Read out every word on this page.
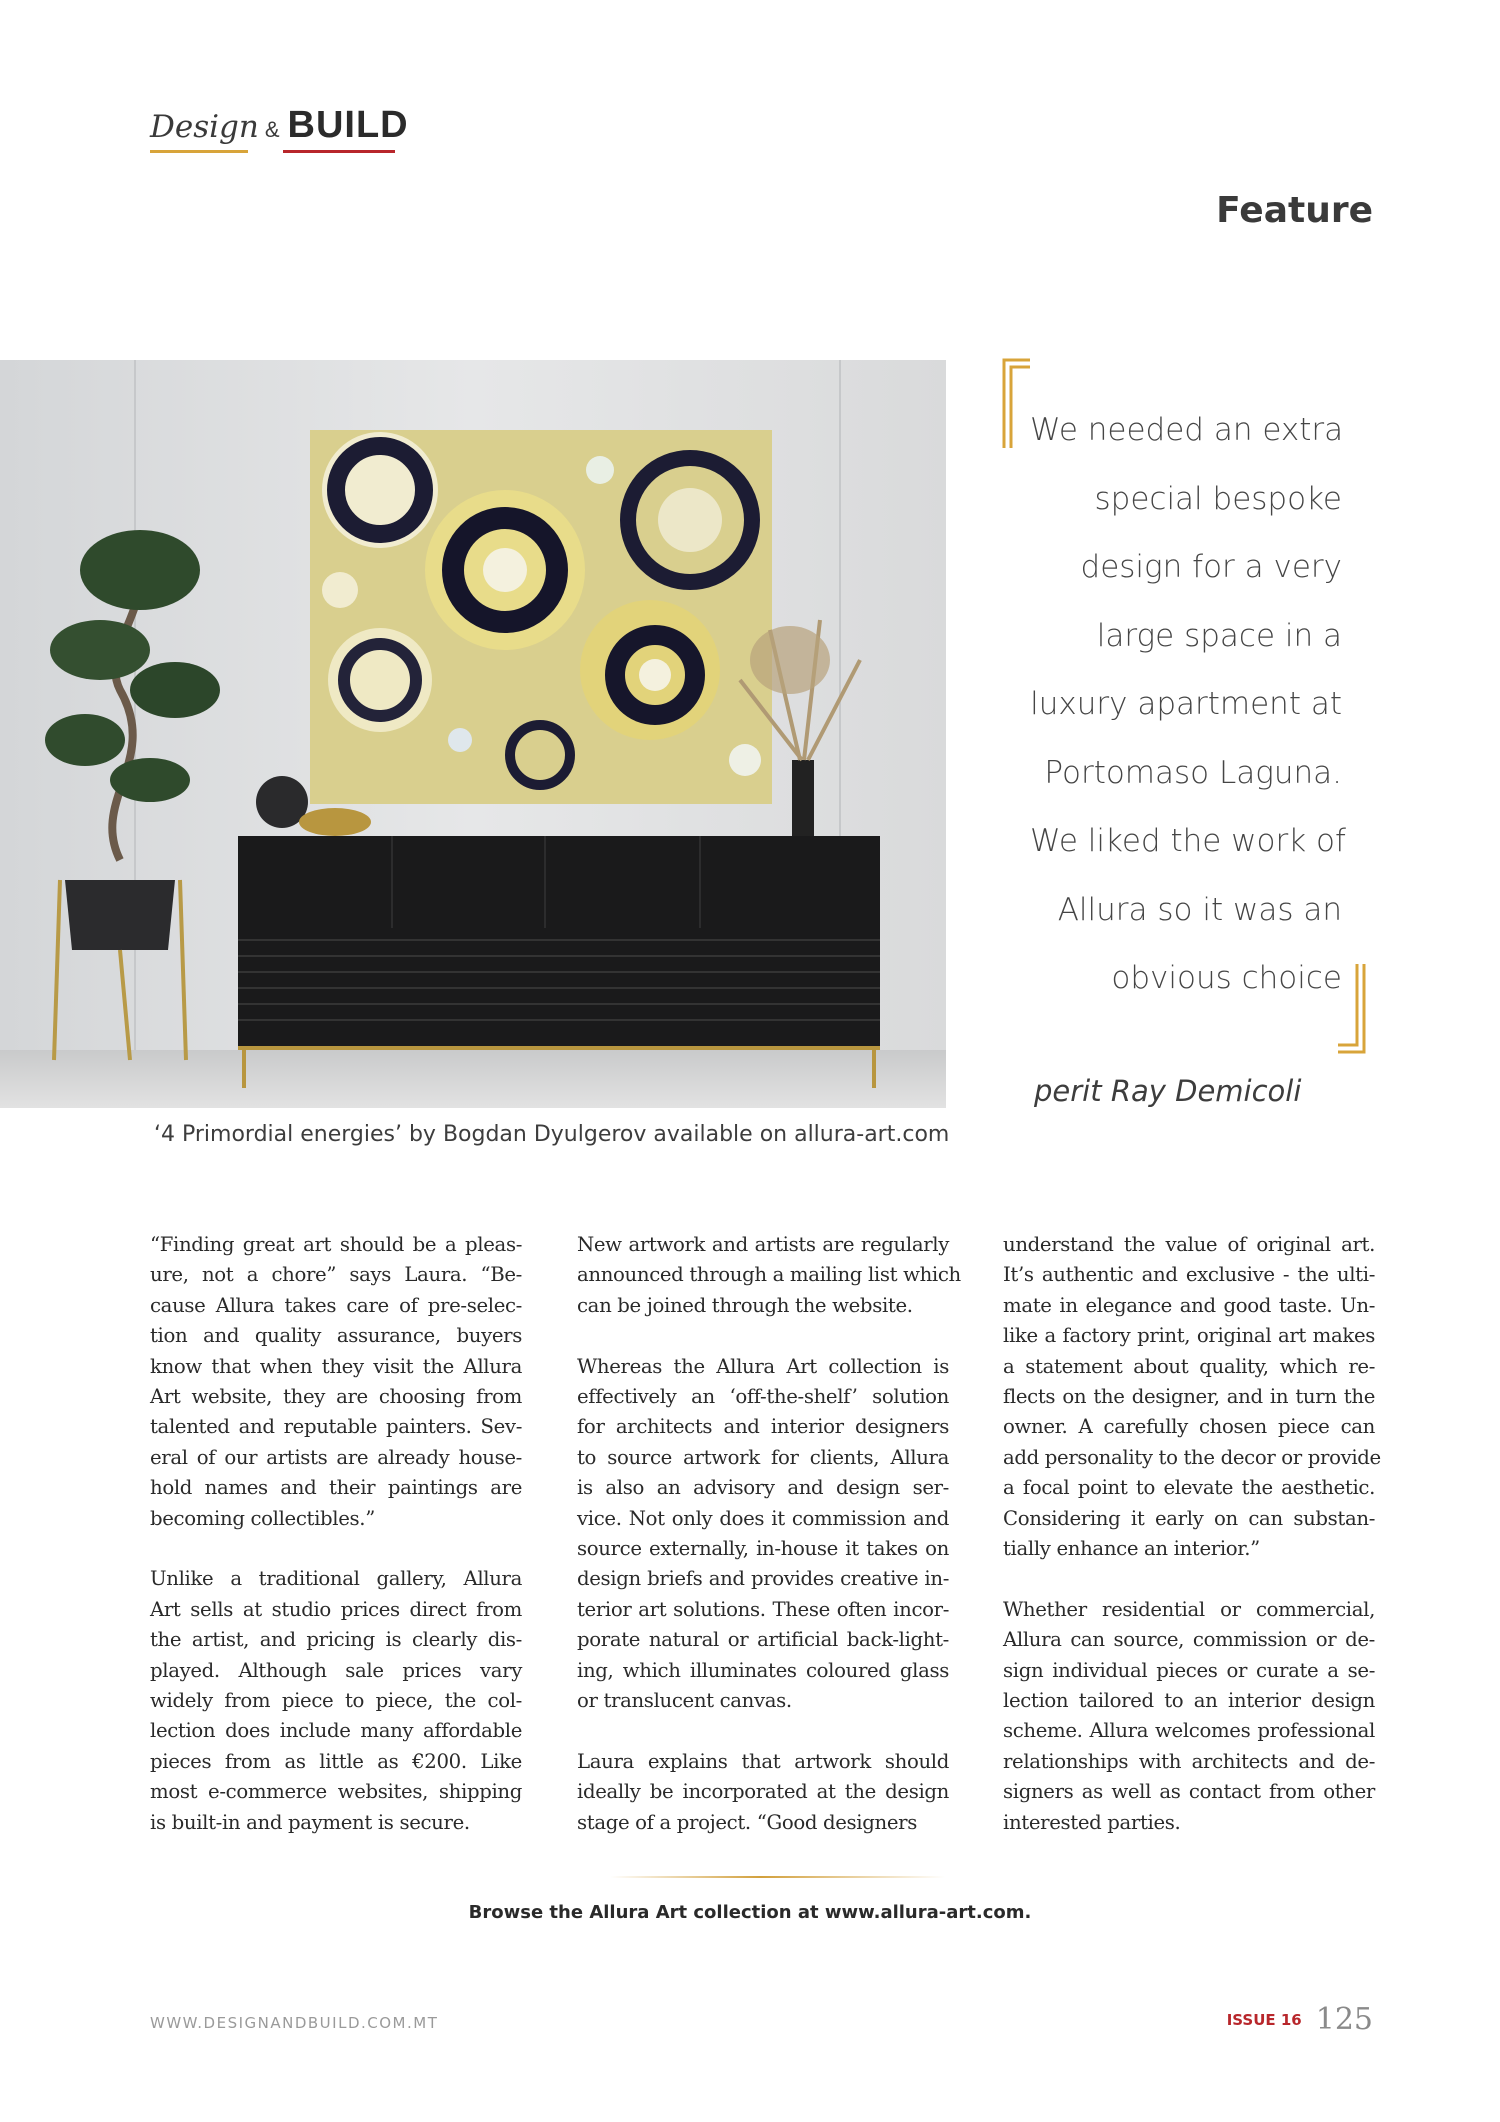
Design & BUILD
Feature
‘4 Primordial energies’ by Bogdan Dyulgerov available on allura-art.com
We needed an extra
special bespoke
design for a very
large space in a
luxury apartment at
Portomaso Laguna.
We liked the work of
Allura so it was an
obvious choice
perit Ray Demicoli

“Finding great art should be a pleas-
ure, not a chore” says Laura. “Be-
cause Allura takes care of pre-selec-
tion and quality assurance, buyers
know that when they visit the Allura
Art website, they are choosing from
talented and reputable painters. Sev-
eral of our artists are already house-
hold names and their paintings are
becoming collectibles.”

Unlike a traditional gallery, Allura
Art sells at studio prices direct from
the artist, and pricing is clearly dis-
played. Although sale prices vary
widely from piece to piece, the col-
lection does include many affordable
pieces from as little as €200. Like
most e-commerce websites, shipping
is built-in and payment is secure.

New artwork and artists are regularly
announced through a mailing list which
can be joined through the website.

Whereas the Allura Art collection is
effectively an ‘off-the-shelf’ solution
for architects and interior designers
to source artwork for clients, Allura
is also an advisory and design ser-
vice. Not only does it commission and
source externally, in-house it takes on
design briefs and provides creative in-
terior art solutions. These often incor-
porate natural or artificial back-light-
ing, which illuminates coloured glass
or translucent canvas.

Laura explains that artwork should
ideally be incorporated at the design
stage of a project. “Good designers

understand the value of original art.
It’s authentic and exclusive - the ulti-
mate in elegance and good taste. Un-
like a factory print, original art makes
a statement about quality, which re-
flects on the designer, and in turn the
owner. A carefully chosen piece can
add personality to the decor or provide
a focal point to elevate the aesthetic.
Considering it early on can substan-
tially enhance an interior.”

Whether residential or commercial,
Allura can source, commission or de-
sign individual pieces or curate a se-
lection tailored to an interior design
scheme. Allura welcomes professional
relationships with architects and de-
signers as well as contact from other
interested parties.

Browse the Allura Art collection at www.allura-art.com.
WWW.DESIGNANDBUILD.COM.MT	ISSUE 16 125
